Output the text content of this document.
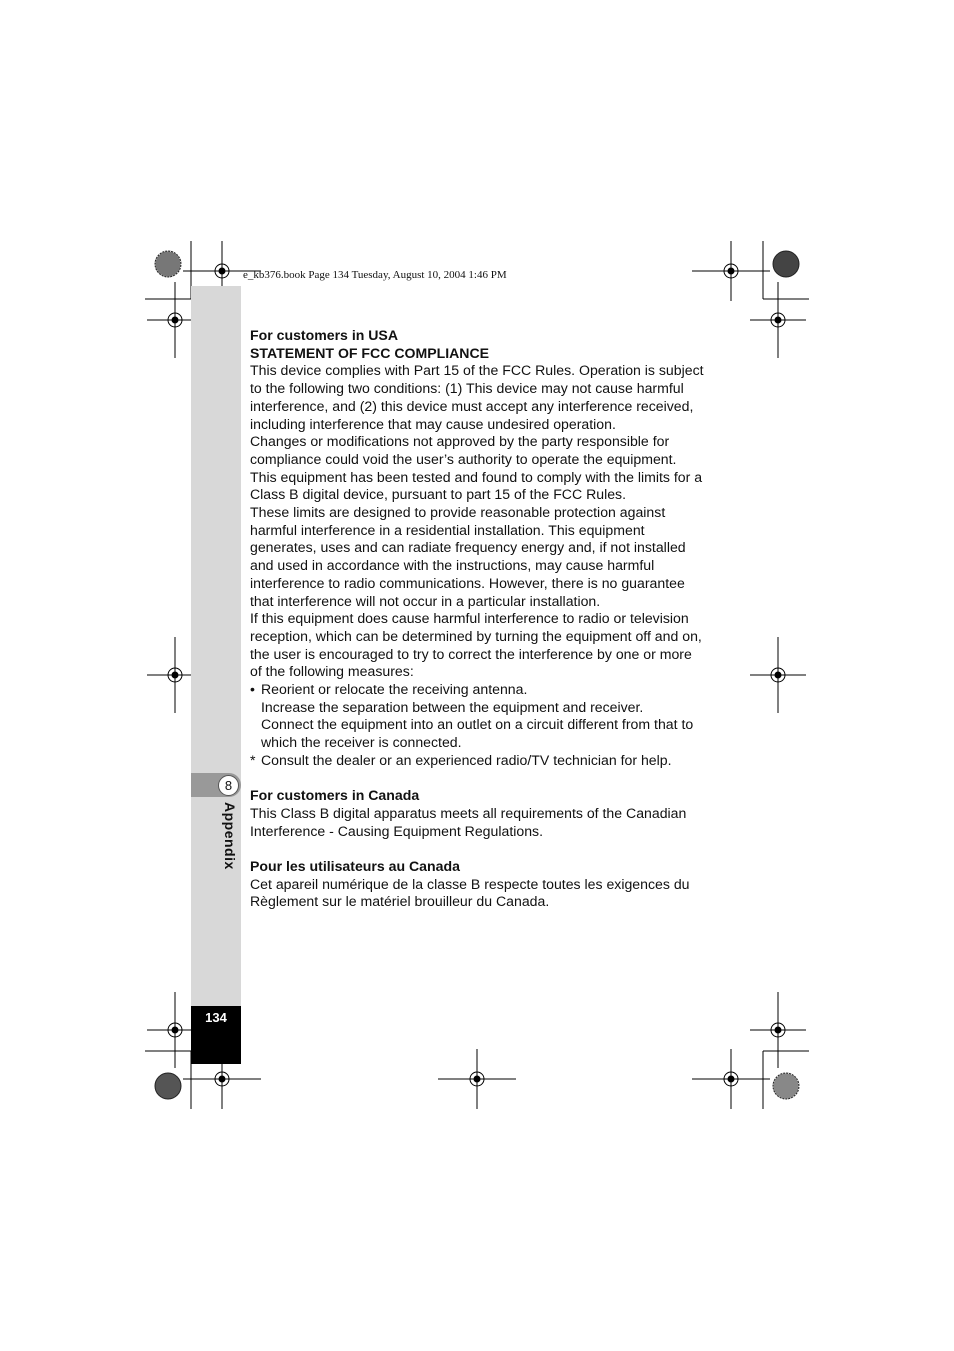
e_kb376.book Page 134 Tuesday, August 10, 2004 1:46 PM
8
Appendix
134

For customers in USA

STATEMENT OF FCC COMPLIANCE

This device complies with Part 15 of the FCC Rules. Operation is subject to the following two conditions: (1) This device may not cause harmful interference, and (2) this device must accept any interference received, including interference that may cause undesired operation.

Changes or modifications not approved by the party responsible for compliance could void the user’s authority to operate the equipment.

This equipment has been tested and found to comply with the limits for a Class B digital device, pursuant to part 15 of the FCC Rules.

These limits are designed to provide reasonable protection against harmful interference in a residential installation. This equipment generates, uses and can radiate frequency energy and, if not installed and used in accordance with the instructions, may cause harmful interference to radio communications. However, there is no guarantee that interference will not occur in a particular installation.

If this equipment does cause harmful interference to radio or television reception, which can be determined by turning the equipment off and on, the user is encouraged to try to correct the interference by one or more of the following measures:

• Reorient or relocate the receiving antenna.
Increase the separation between the equipment and receiver.
Connect the equipment into an outlet on a circuit different from that to which the receiver is connected.
* Consult the dealer or an experienced radio/TV technician for help.

For customers in Canada

This Class B digital apparatus meets all requirements of the Canadian Interference - Causing Equipment Regulations.

Pour les utilisateurs au Canada

Cet apareil numérique de la classe B respecte toutes les exigences du Règlement sur le matériel brouilleur du Canada.
